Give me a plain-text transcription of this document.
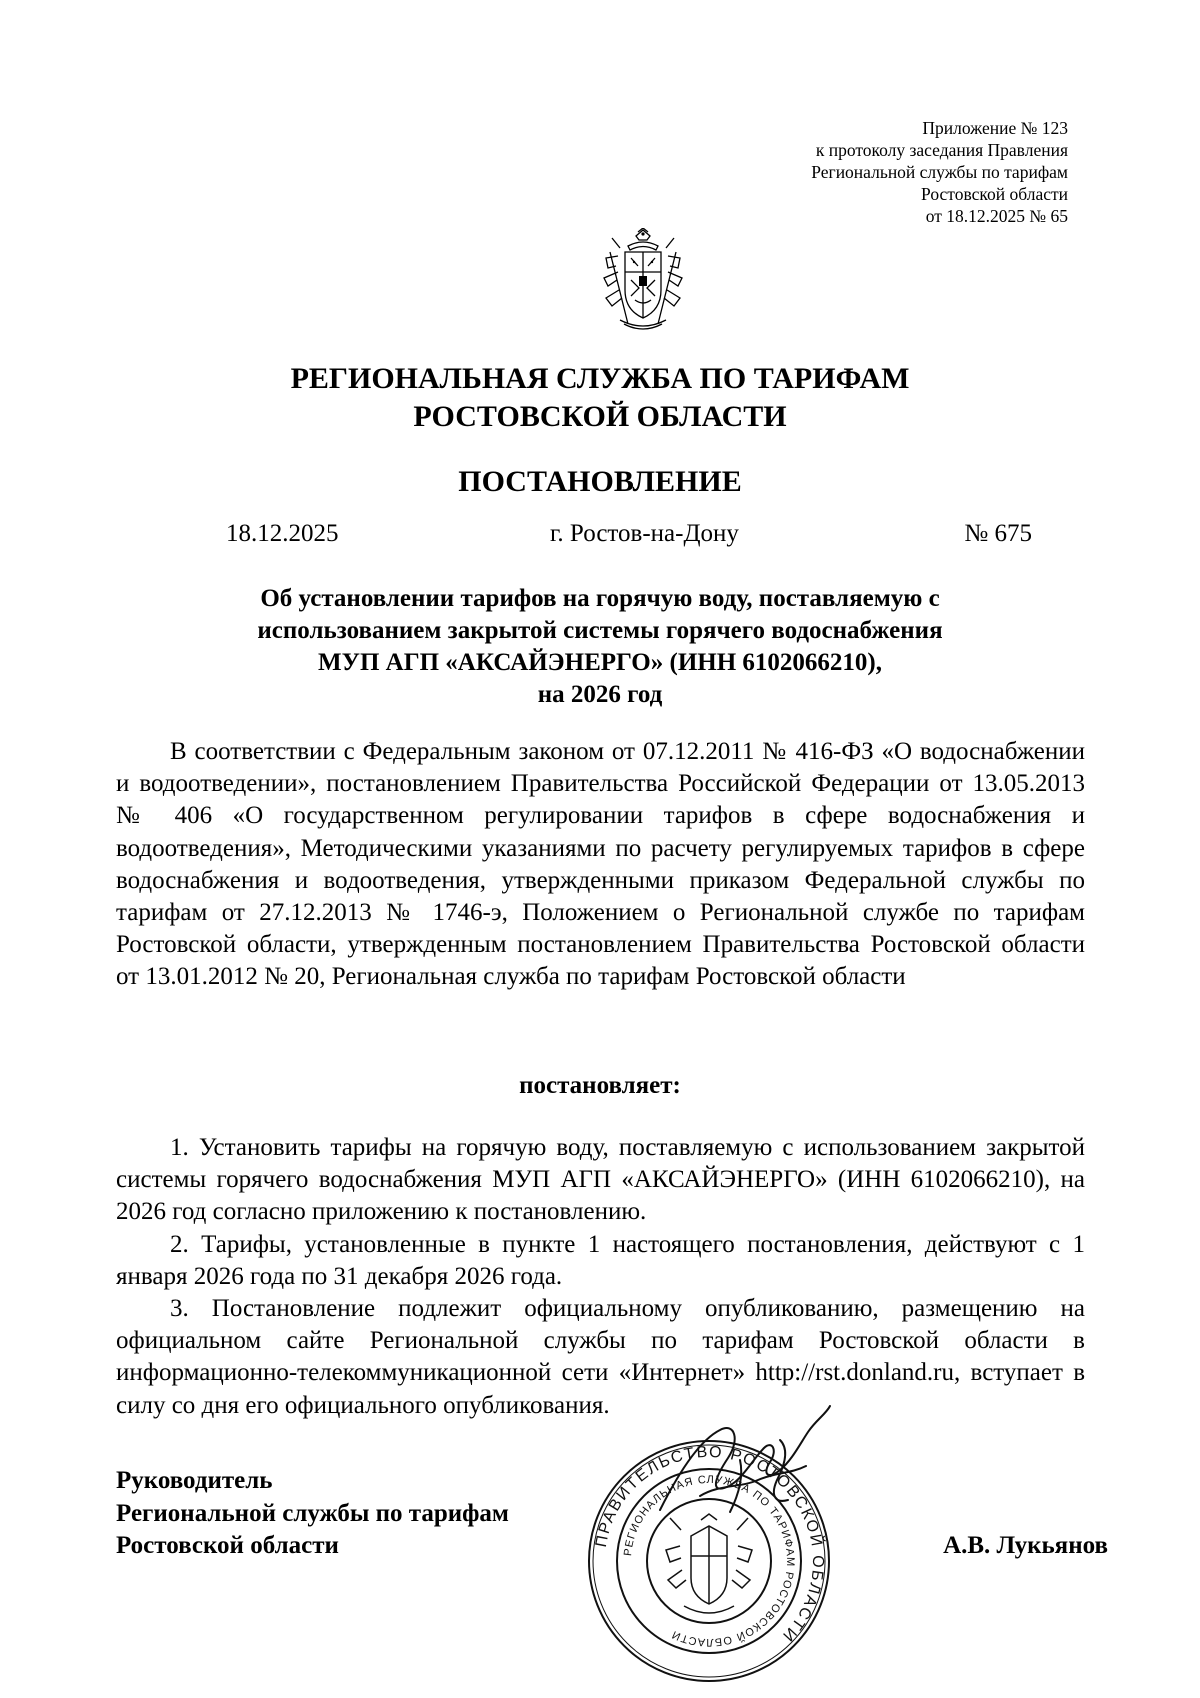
Приложение № 123
к протоколу заседания Правления
Региональной службы по тарифам
Ростовской области
от 18.12.2025 № 65
РЕГИОНАЛЬНАЯ СЛУЖБА ПО ТАРИФАМ
РОСТОВСКОЙ ОБЛАСТИ
ПОСТАНОВЛЕНИЕ
18.12.2025	г. Ростов-на-Дону	№ 675
Об установлении тарифов на горячую воду, поставляемую с
использованием закрытой системы горячего водоснабжения
МУП АГП «АКСАЙЭНЕРГО» (ИНН 6102066210),
на 2026 год

В соответствии с Федеральным законом от 07.12.2011 № 416-ФЗ «О водоснабжении и водоотведении», постановлением Правительства Российской Федерации от 13.05.2013 № 406 «О государственном регулировании тарифов в сфере водоснабжения и водоотведения», Методическими указаниями по расчету регулируемых тарифов в сфере водоснабжения и водоотведения, утвержденными приказом Федеральной службы по тарифам от 27.12.2013 № 1746-э, Положением о Региональной службе по тарифам Ростовской области, утвержденным постановлением Правительства Ростовской области от 13.01.2012 № 20, Региональная служба по тарифам Ростовской области

постановляет:

1. Установить тарифы на горячую воду, поставляемую с использованием закрытой системы горячего водоснабжения МУП АГП «АКСАЙЭНЕРГО» (ИНН 6102066210), на 2026 год согласно приложению к постановлению.

2. Тарифы, установленные в пункте 1 настоящего постановления, действуют с 1 января 2026 года по 31 декабря 2026 года.

3. Постановление подлежит официальному опубликованию, размещению на официальном сайте Региональной службы по тарифам Ростовской области в информационно-телекоммуникационной сети «Интернет» http://rst.donland.ru, вступает в силу со дня его официального опубликования.

Руководитель
Региональной службы по тарифам
Ростовской области	ПРАВИТЕЛЬСТВО РОСТОВСКОЙ ОБЛАСТИ
РЕГИОНАЛЬНАЯ СЛУЖБА ПО ТАРИФАМ РОСТОВСКОЙ ОБЛАСТИ
А.В. Лукьянов
